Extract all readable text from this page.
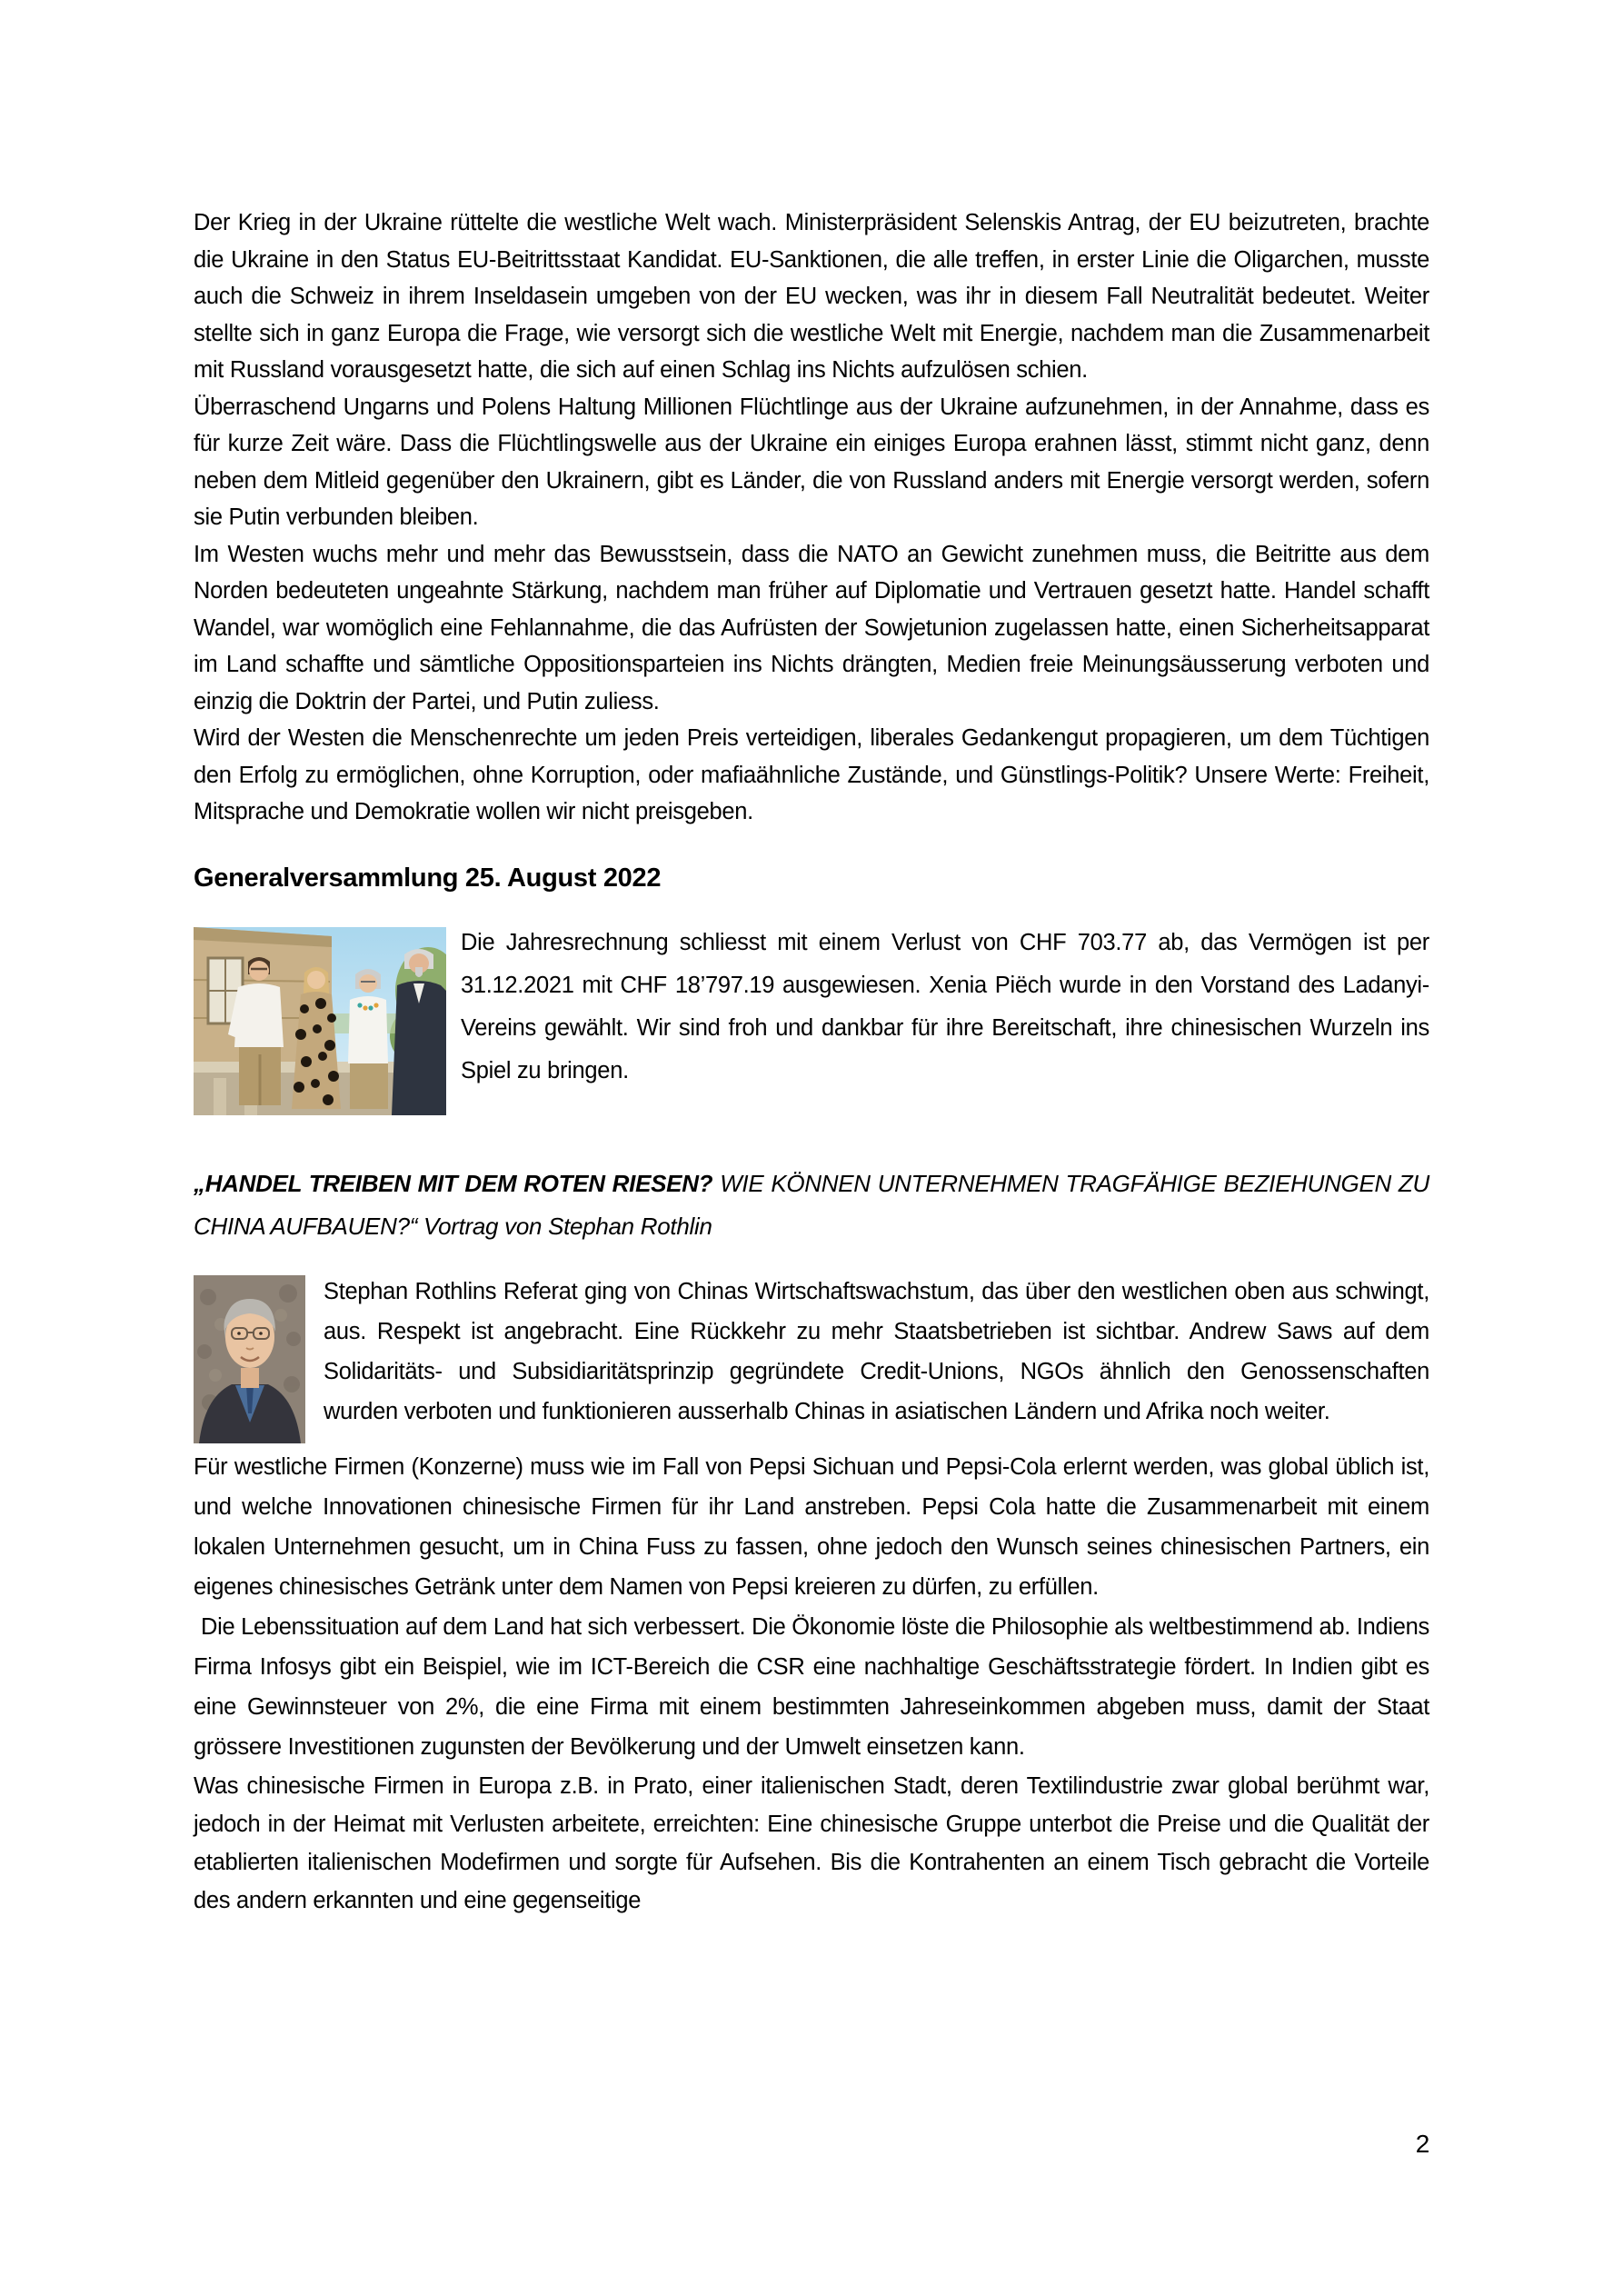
Der Krieg in der Ukraine rüttelte die westliche Welt wach. Ministerpräsident Selenskis Antrag, der EU beizutreten, brachte die Ukraine in den Status EU-Beitrittsstaat Kandidat. EU-Sanktionen, die alle treffen, in erster Linie die Oligarchen, musste auch die Schweiz in ihrem Inseldasein umgeben von der EU wecken, was ihr in diesem Fall Neutralität bedeutet. Weiter stellte sich in ganz Europa die Frage, wie versorgt sich die westliche Welt mit Energie, nachdem man die Zusammenarbeit mit Russland vorausgesetzt hatte, die sich auf einen Schlag ins Nichts aufzulösen schien.

Überraschend Ungarns und Polens Haltung Millionen Flüchtlinge aus der Ukraine aufzunehmen, in der Annahme, dass es für kurze Zeit wäre. Dass die Flüchtlingswelle aus der Ukraine ein einiges Europa erahnen lässt, stimmt nicht ganz, denn neben dem Mitleid gegenüber den Ukrainern, gibt es Länder, die von Russland anders mit Energie versorgt werden, sofern sie Putin verbunden bleiben.

Im Westen wuchs mehr und mehr das Bewusstsein, dass die NATO an Gewicht zunehmen muss, die Beitritte aus dem Norden bedeuteten ungeahnte Stärkung, nachdem man früher auf Diplomatie und Vertrauen gesetzt hatte. Handel schafft Wandel, war womöglich eine Fehlannahme, die das Aufrüsten der Sowjetunion zugelassen hatte, einen Sicherheitsapparat im Land schaffte und sämtliche Oppositionsparteien ins Nichts drängten, Medien freie Meinungsäusserung verboten und einzig die Doktrin der Partei, und Putin zuliess.

Wird der Westen die Menschenrechte um jeden Preis verteidigen, liberales Gedankengut propagieren, um dem Tüchtigen den Erfolg zu ermöglichen, ohne Korruption, oder mafiaähnliche Zustände, und Günstlings-Politik? Unsere Werte: Freiheit, Mitsprache und Demokratie wollen wir nicht preisgeben.

Generalversammlung 25. August 2022

Die Jahresrechnung schliesst mit einem Verlust von CHF 703.77 ab, das Vermögen ist per 31.12.2021 mit CHF 18’797.19 ausgewiesen. Xenia Piëch wurde in den Vorstand des Ladanyi-Vereins gewählt. Wir sind froh und dankbar für ihre Bereitschaft, ihre chinesischen Wurzeln ins Spiel zu bringen.

„HANDEL TREIBEN MIT DEM ROTEN RIESEN? WIE KÖNNEN UNTERNEHMEN TRAGFÄHIGE BEZIEHUNGEN ZU CHINA AUFBAUEN?“ Vortrag von Stephan Rothlin

Stephan Rothlins Referat ging von Chinas Wirtschaftswachstum, das über den westlichen oben aus schwingt, aus. Respekt ist angebracht. Eine Rückkehr zu mehr Staatsbetrieben ist sichtbar. Andrew Saws auf dem Solidaritäts- und Subsidiaritätsprinzip gegründete Credit-Unions, NGOs ähnlich den Genossenschaften wurden verboten und funktionieren ausserhalb Chinas in asiatischen Ländern und Afrika noch weiter.

Für westliche Firmen (Konzerne) muss wie im Fall von Pepsi Sichuan und Pepsi-Cola erlernt werden, was global üblich ist, und welche Innovationen chinesische Firmen für ihr Land anstreben. Pepsi Cola hatte die Zusammenarbeit mit einem lokalen Unternehmen gesucht, um in China Fuss zu fassen, ohne jedoch den Wunsch seines chinesischen Partners, ein eigenes chinesisches Getränk unter dem Namen von Pepsi kreieren zu dürfen, zu erfüllen.

Die Lebenssituation auf dem Land hat sich verbessert. Die Ökonomie löste die Philosophie als weltbestimmend ab. Indiens Firma Infosys gibt ein Beispiel, wie im ICT-Bereich die CSR eine nachhaltige Geschäftsstrategie fördert. In Indien gibt es eine Gewinnsteuer von 2%, die eine Firma mit einem bestimmten Jahreseinkommen abgeben muss, damit der Staat grössere Investitionen zugunsten der Bevölkerung und der Umwelt einsetzen kann.

Was chinesische Firmen in Europa z.B. in Prato, einer italienischen Stadt, deren Textilindustrie zwar global berühmt war, jedoch in der Heimat mit Verlusten arbeitete, erreichten: Eine chinesische Gruppe unterbot die Preise und die Qualität der etablierten italienischen Modefirmen und sorgte für Aufsehen. Bis die Kontrahenten an einem Tisch gebracht die Vorteile des andern erkannten und eine gegenseitige

2
